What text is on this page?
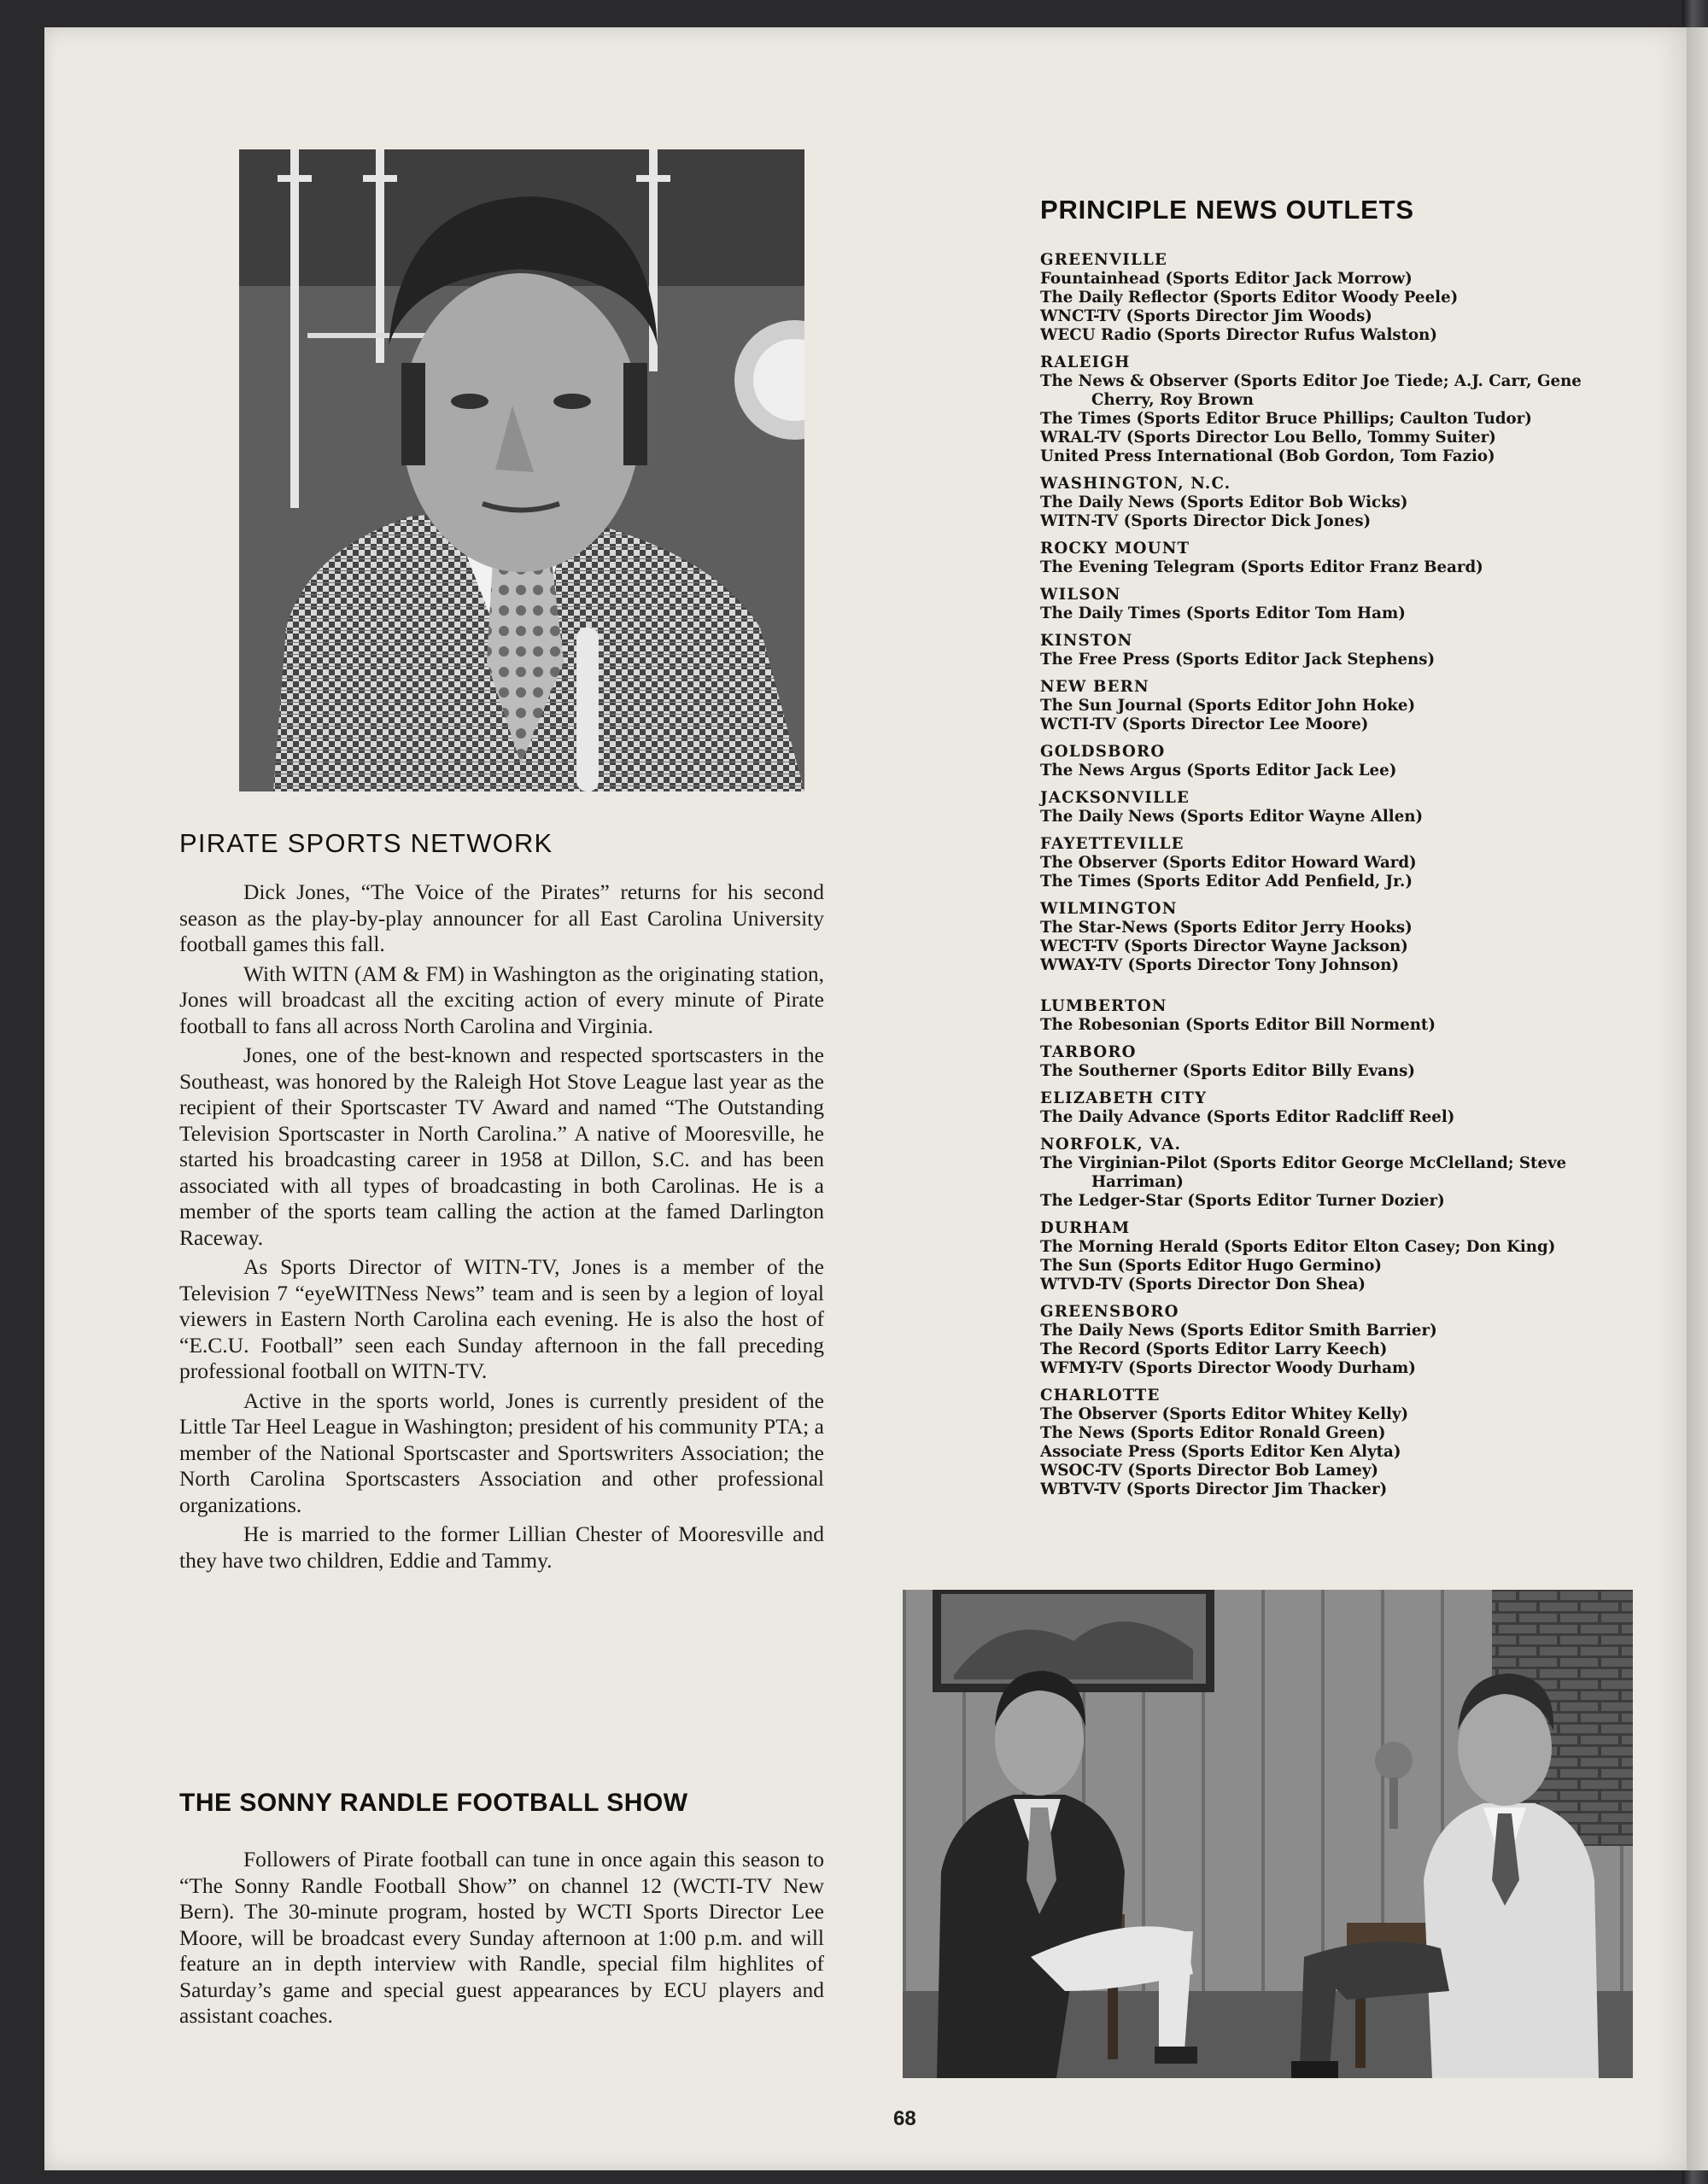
PIRATE SPORTS NETWORK

Dick Jones, “The Voice of the Pirates” returns for his second season as the play-by-play announcer for all East Carolina University football games this fall.

With WITN (AM & FM) in Washington as the originating station, Jones will broadcast all the exciting action of every minute of Pirate football to fans all across North Carolina and Virginia.

Jones, one of the best-known and respected sportscasters in the Southeast, was honored by the Raleigh Hot Stove League last year as the recipient of their Sportscaster TV Award and named “The Outstanding Television Sportscaster in North Carolina.” A native of Mooresville, he started his broadcasting career in 1958 at Dillon, S.C. and has been associated with all types of broadcasting in both Carolinas. He is a member of the sports team calling the action at the famed Darlington Raceway.

As Sports Director of WITN-TV, Jones is a member of the Television 7 “eyeWITNess News” team and is seen by a legion of loyal viewers in Eastern North Carolina each evening. He is also the host of “E.C.U. Football” seen each Sunday afternoon in the fall preceding professional football on WITN-TV.

Active in the sports world, Jones is currently president of the Little Tar Heel League in Washington; president of his community PTA; a member of the National Sportscaster and Sportswriters Association; the North Carolina Sportscasters Association and other professional organizations.

He is married to the former Lillian Chester of Mooresville and they have two children, Eddie and Tammy.

THE SONNY RANDLE FOOTBALL SHOW

Followers of Pirate football can tune in once again this season to “The Sonny Randle Football Show” on channel 12 (WCTI-TV New Bern). The 30-minute program, hosted by WCTI Sports Director Lee Moore, will be broadcast every Sunday afternoon at 1:00 p.m. and will feature an in depth interview with Randle, special film highlites of Saturday’s game and special guest appearances by ECU players and assistant coaches.

PRINCIPLE NEWS OUTLETS
GREENVILLE
Fountainhead (Sports Editor Jack Morrow)
The Daily Reflector (Sports Editor Woody Peele)
WNCT-TV (Sports Director Jim Woods)
WECU Radio (Sports Director Rufus Walston)
RALEIGH
The News & Observer (Sports Editor Joe Tiede; A.J. Carr, Gene
Cherry, Roy Brown
The Times (Sports Editor Bruce Phillips; Caulton Tudor)
WRAL-TV (Sports Director Lou Bello, Tommy Suiter)
United Press International (Bob Gordon, Tom Fazio)
WASHINGTON, N.C.
The Daily News (Sports Editor Bob Wicks)
WITN-TV (Sports Director Dick Jones)
ROCKY MOUNT
The Evening Telegram (Sports Editor Franz Beard)
WILSON
The Daily Times (Sports Editor Tom Ham)
KINSTON
The Free Press (Sports Editor Jack Stephens)
NEW BERN
The Sun Journal (Sports Editor John Hoke)
WCTI-TV (Sports Director Lee Moore)
GOLDSBORO
The News Argus (Sports Editor Jack Lee)
JACKSONVILLE
The Daily News (Sports Editor Wayne Allen)
FAYETTEVILLE
The Observer (Sports Editor Howard Ward)
The Times (Sports Editor Add Penfield, Jr.)
WILMINGTON
The Star-News (Sports Editor Jerry Hooks)
WECT-TV (Sports Director Wayne Jackson)
WWAY-TV (Sports Director Tony Johnson)
LUMBERTON
The Robesonian (Sports Editor Bill Norment)
TARBORO
The Southerner (Sports Editor Billy Evans)
ELIZABETH CITY
The Daily Advance (Sports Editor Radcliff Reel)
NORFOLK, VA.
The Virginian-Pilot (Sports Editor George McClelland; Steve
Harriman)
The Ledger-Star (Sports Editor Turner Dozier)
DURHAM
The Morning Herald (Sports Editor Elton Casey; Don King)
The Sun (Sports Editor Hugo Germino)
WTVD-TV (Sports Director Don Shea)
GREENSBORO
The Daily News (Sports Editor Smith Barrier)
The Record (Sports Editor Larry Keech)
WFMY-TV (Sports Director Woody Durham)
CHARLOTTE
The Observer (Sports Editor Whitey Kelly)
The News (Sports Editor Ronald Green)
Associate Press (Sports Editor Ken Alyta)
WSOC-TV (Sports Director Bob Lamey)
WBTV-TV (Sports Director Jim Thacker)
68
